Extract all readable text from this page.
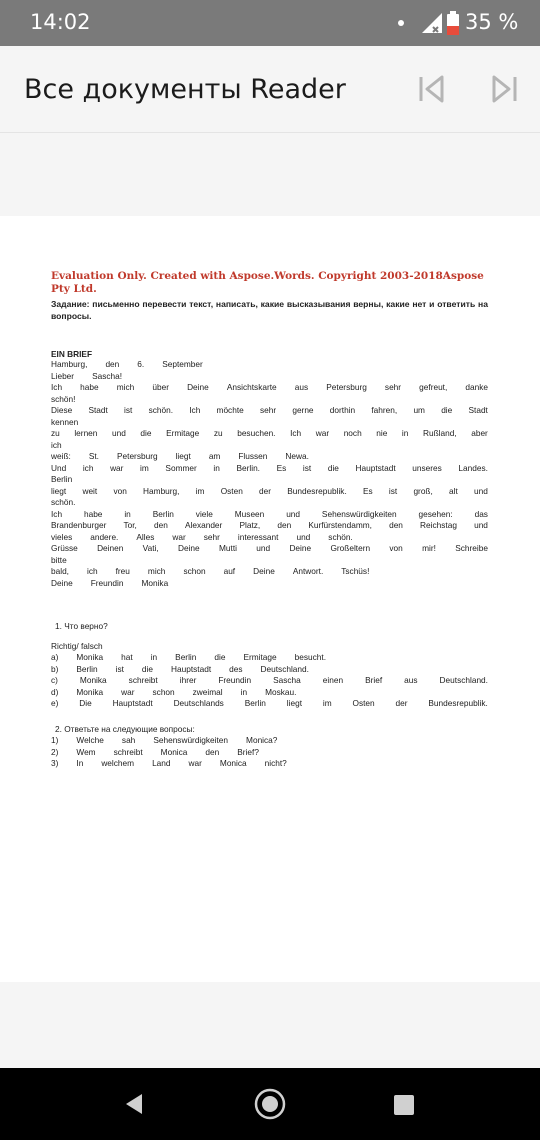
14:02	35 %
Все документы Reader
Evaluation Only. Created with Aspose.Words. Copyright 2003-2018Aspose Pty Ltd.
Задание: письменно перевести текст, написать, какие высказывания верны, какие нет и ответить на вопросы.
EIN BRIEF
Hamburg, den 6. September
Lieber Sascha!
Ich habe mich über Deine Ansichtskarte aus Petersburg sehr gefreut, danke
schön!
Diese Stadt ist schön. Ich möchte sehr gerne dorthin fahren, um die Stadt
kennen
zu lernen und die Ermitage zu besuchen. Ich war noch nie in Rußland, aber
ich
weiß: St. Petersburg liegt am Flussen Newa.
Und ich war im Sommer in Berlin. Es ist die Hauptstadt unseres Landes.
Berlin
liegt weit von Hamburg, im Osten der Bundesrepublik. Es ist groß, alt und
schön.
Ich	habe	in	Berlin	viele	Museen	und	Sehenswürdigkeiten	gesehen:	das
Brandenburger Tor, den Alexander Platz, den Kurfürstendamm, den Reichstag und
vieles andere. Alles war sehr interessant und schön.
Grüsse Deinen Vati, Deine Mutti und Deine Großeltern von mir! Schreibe
bitte
bald, ich freu mich schon auf Deine Antwort. Tschüs!
Deine Freundin Monika
1. Что верно?
Richtig/ falsch
a) Monika hat in Berlin die Ermitage besucht.
b) Berlin ist die Hauptstadt des Deutschland.
c)	Monika	schreibt	ihrer	Freundin	Sascha	einen	Brief	aus	Deutschland.
d) Monika war schon zweimal in Moskau.
e)	Die	Hauptstadt	Deutschlands	Berlin	liegt	im	Osten	der	Bundesrepublik.
2. Ответьте на следующие вопросы:
1) Welche sah Sehenswürdigkeiten Monica?
2) Wem schreibt Monica den Brief?
3) In welchem Land war Monica nicht?
